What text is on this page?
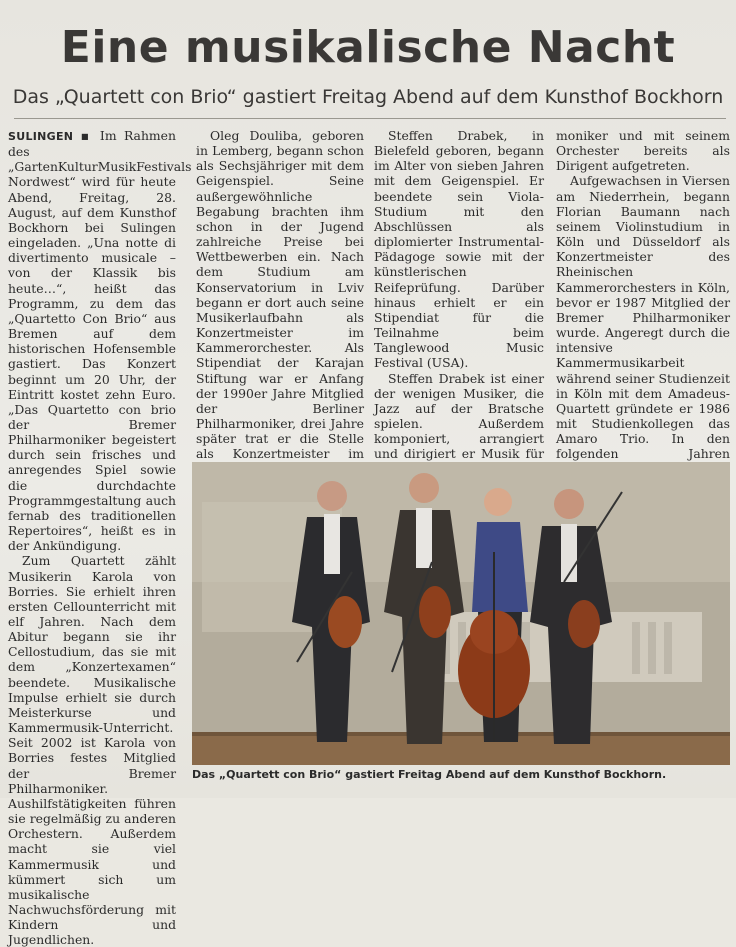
Eine musikalische Nacht
Das „Quartett con Brio“ gastiert Freitag Abend auf dem Kunsthof Bockhorn

SULINGEN ▪ Im Rahmen des „GartenKulturMusikFestivals Nordwest“ wird für heute Abend, Freitag, 28. August, auf dem Kunsthof Bockhorn bei Sulingen eingeladen. „Una notte di divertimento musicale – von der Klassik bis heute…“, heißt das Programm, zu dem das „Quartetto Con Brio“ aus Bremen auf dem historischen Hofensemble gastiert. Das Konzert beginnt um 20 Uhr, der Eintritt kostet zehn Euro. „Das Quartetto con brio der Bremer Philharmoniker begeistert durch sein frisches und anregendes Spiel sowie die durchdachte Programmgestaltung auch fernab des traditionellen Repertoires“, heißt es in der Ankündigung.

Zum Quartett zählt Musikerin Karola von Borries. Sie erhielt ihren ersten Cellounterricht mit elf Jahren. Nach dem Abitur begann sie ihr Cellostudium, das sie mit dem „Konzertexamen“ beendete. Musikalische Impulse erhielt sie durch Meisterkurse und Kammermusik-Unterricht. Seit 2002 ist Karola von Borries festes Mitglied der Bremer Philharmoniker. Aushilfstätigkeiten führen sie regelmäßig zu anderen Orchestern. Außerdem macht sie viel Kammermusik und kümmert sich um musikalische Nachwuchsförderung mit Kindern und Jugendlichen.

Oleg Douliba, geboren in Lemberg, begann schon als Sechsjähriger mit dem Geigenspiel. Seine außergewöhnliche Begabung brachten ihm schon in der Jugend zahlreiche Preise bei Wettbewerben ein. Nach dem Studium am Konservatorium in Lviv begann er dort auch seine Musikerlaufbahn als Konzertmeister im Kammerorchester. Als Stipendiat der Karajan Stiftung war er Anfang der 1990er Jahre Mitglied der Berliner Philharmoniker, drei Jahre später trat er die Stelle als Konzertmeister im

Steffen Drabek, in Bielefeld geboren, begann im Alter von sieben Jahren mit dem Geigenspiel. Er beendete sein Viola-Studium mit den Abschlüssen als diplomierter Instrumental-Pädagoge sowie mit der künstlerischen Reifeprüfung. Darüber hinaus erhielt er ein Stipendiat für die Teilnahme beim Tanglewood Music Festival (USA).

Steffen Drabek ist einer der wenigen Musiker, die Jazz auf der Bratsche spielen. Außerdem komponiert, arrangiert und dirigiert er Musik für

moniker und mit seinem Orchester bereits als Dirigent aufgetreten.

Aufgewachsen in Viersen am Niederrhein, begann Florian Baumann nach seinem Violinstudium in Köln und Düsseldorf als Konzertmeister des Rheinischen Kammerorchesters in Köln, bevor er 1987 Mitglied der Bremer Philharmoniker wurde. Angeregt durch die intensive Kammermusikarbeit während seiner Studienzeit in Köln mit dem Amadeus-Quartett gründete er 1986 mit Studienkollegen das Amaro Trio. In den folgenden Jahren

Das „Quartett con Brio“ gastiert Freitag Abend auf dem Kunsthof Bockhorn.
